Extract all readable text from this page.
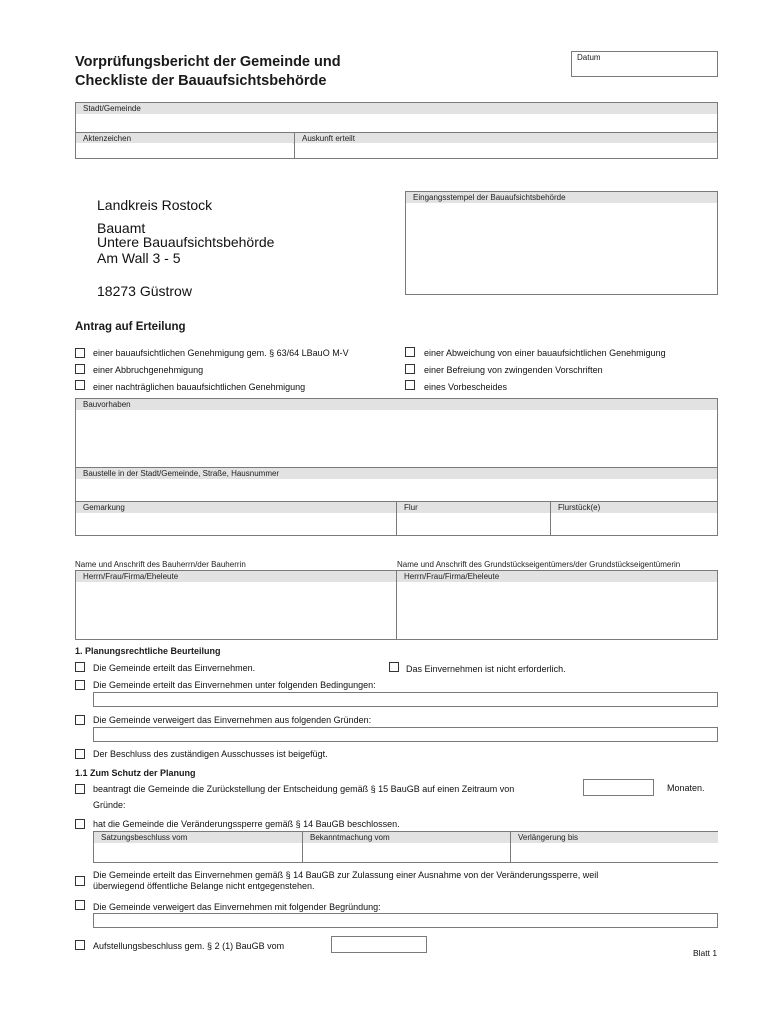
Vorprüfungsbericht der Gemeinde und
Checkliste der Bauaufsichtsbehörde
Datum
Stadt/Gemeinde
Aktenzeichen	Auskunft erteilt
Landkreis Rostock
Bauamt
Untere Bauaufsichtsbehörde
Am Wall 3 - 5
18273 Güstrow
Eingangsstempel der Bauaufsichtsbehörde
Antrag auf Erteilung
einer bauaufsichtlichen Genehmigung gem. § 63/64 LBauO M-V
einer Abbruchgenehmigung
einer nachträglichen bauaufsichtlichen Genehmigung
einer Abweichung von einer bauaufsichtlichen Genehmigung
einer Befreiung von zwingenden Vorschriften
eines Vorbescheides
Bauvorhaben
Baustelle in der Stadt/Gemeinde, Straße, Hausnummer
Gemarkung	Flur	Flurstück(e)
Name und Anschrift des Bauherrn/der Bauherrin	Name und Anschrift des Grundstückseigentümers/der Grundstückseigentümerin
Herrn/Frau/Firma/Eheleute	Herrn/Frau/Firma/Eheleute
1. Planungsrechtliche Beurteilung
Die Gemeinde erteilt das Einvernehmen.	Das Einvernehmen ist nicht erforderlich.
Die Gemeinde erteilt das Einvernehmen unter folgenden Bedingungen:
Die Gemeinde verweigert das Einvernehmen aus folgenden Gründen:
Der Beschluss des zuständigen Ausschusses ist beigefügt.
1.1 Zum Schutz der Planung
beantragt die Gemeinde die Zurückstellung der Entscheidung gemäß § 15 BauGB auf einen Zeitraum von	Monaten.
Gründe:
hat die Gemeinde die Veränderungssperre gemäß § 14 BauGB beschlossen.
Satzungsbeschluss vom	Bekanntmachung vom	Verlängerung bis
Die Gemeinde erteilt das Einvernehmen gemäß § 14 BauGB zur Zulassung einer Ausnahme von der Veränderungssperre, weil
überwiegend öffentliche Belange nicht entgegenstehen.
Die Gemeinde verweigert das Einvernehmen mit folgender Begründung:
Aufstellungsbeschluss gem. § 2 (1) BauGB vom
Blatt 1
